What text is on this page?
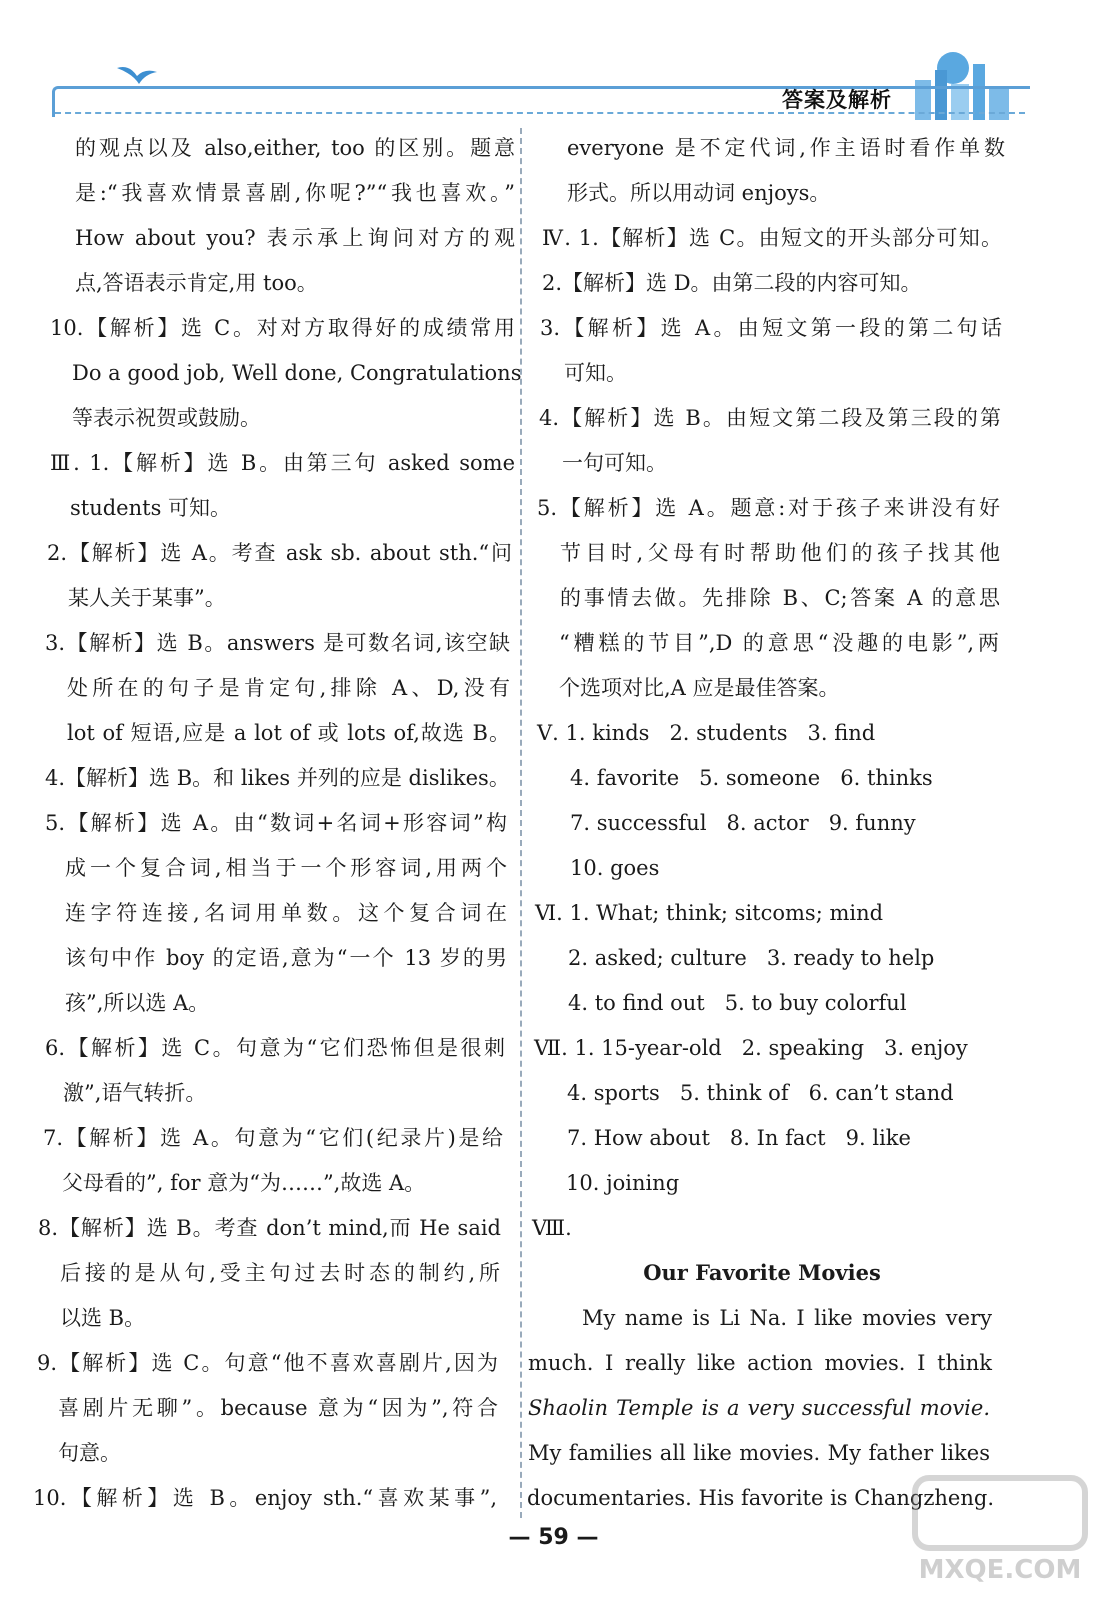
答案及解析
的观点以及 also,either, too 的区别。题意
是:“我喜欢情景喜剧,你呢?”“我也喜欢。”
How about you? 表示承上询问对方的观
点,答语表示肯定,用 too。
10.【解析】选 C。对对方取得好的成绩常用
Do a good job, Well done, Congratulations
等表示祝贺或鼓励。
Ⅲ. 1.【解析】选 B。由第三句 asked some
students 可知。
2.【解析】选 A。考查 ask sb. about sth.“问
某人关于某事”。
3.【解析】选 B。answers 是可数名词,该空缺
处所在的句子是肯定句,排除 A、D,没有
lot of 短语,应是 a lot of 或 lots of,故选 B。
4.【解析】选 B。和 likes 并列的应是 dislikes。
5.【解析】选 A。由“数词+名词+形容词”构
成一个复合词,相当于一个形容词,用两个
连字符连接,名词用单数。这个复合词在
该句中作 boy 的定语,意为“一个 13 岁的男
孩”,所以选 A。
6.【解析】选 C。句意为“它们恐怖但是很刺
激”,语气转折。
7.【解析】选 A。句意为“它们(纪录片)是给
父母看的”, for 意为“为……”,故选 A。
8.【解析】选 B。考查 don’t mind,而 He said
后接的是从句,受主句过去时态的制约,所
以选 B。
9.【解析】选 C。句意“他不喜欢喜剧片,因为
喜剧片无聊”。because 意为“因为”,符合
句意。
10.【解析】选 B。enjoy sth.“喜欢某事”,
everyone 是不定代词,作主语时看作单数
形式。所以用动词 enjoys。
Ⅳ. 1.【解析】选 C。由短文的开头部分可知。
2.【解析】选 D。由第二段的内容可知。
3.【解析】选 A。由短文第一段的第二句话
可知。
4.【解析】选 B。由短文第二段及第三段的第
一句可知。
5.【解析】选 A。题意:对于孩子来讲没有好
节目时,父母有时帮助他们的孩子找其他
的事情去做。先排除 B、C;答案 A 的意思
“糟糕的节目”,D 的意思“没趣的电影”,两
个选项对比,A 应是最佳答案。
Ⅴ. 1. kinds   2. students   3. find
4. favorite   5. someone   6. thinks
7. successful   8. actor   9. funny
10. goes
Ⅵ. 1. What; think; sitcoms; mind
2. asked; culture   3. ready to help
4. to find out   5. to buy colorful
Ⅶ. 1. 15-year-old   2. speaking   3. enjoy
4. sports   5. think of   6. can’t stand
7. How about   8. In fact   9. like
10. joining
Ⅷ.
Our Favorite Movies
My name is Li Na. I like movies very
much. I really like action movies. I think
Shaolin Temple is a very successful movie.
My families all like movies. My father likes
documentaries. His favorite is Changzheng.
— 59 —
MXQE.COM
